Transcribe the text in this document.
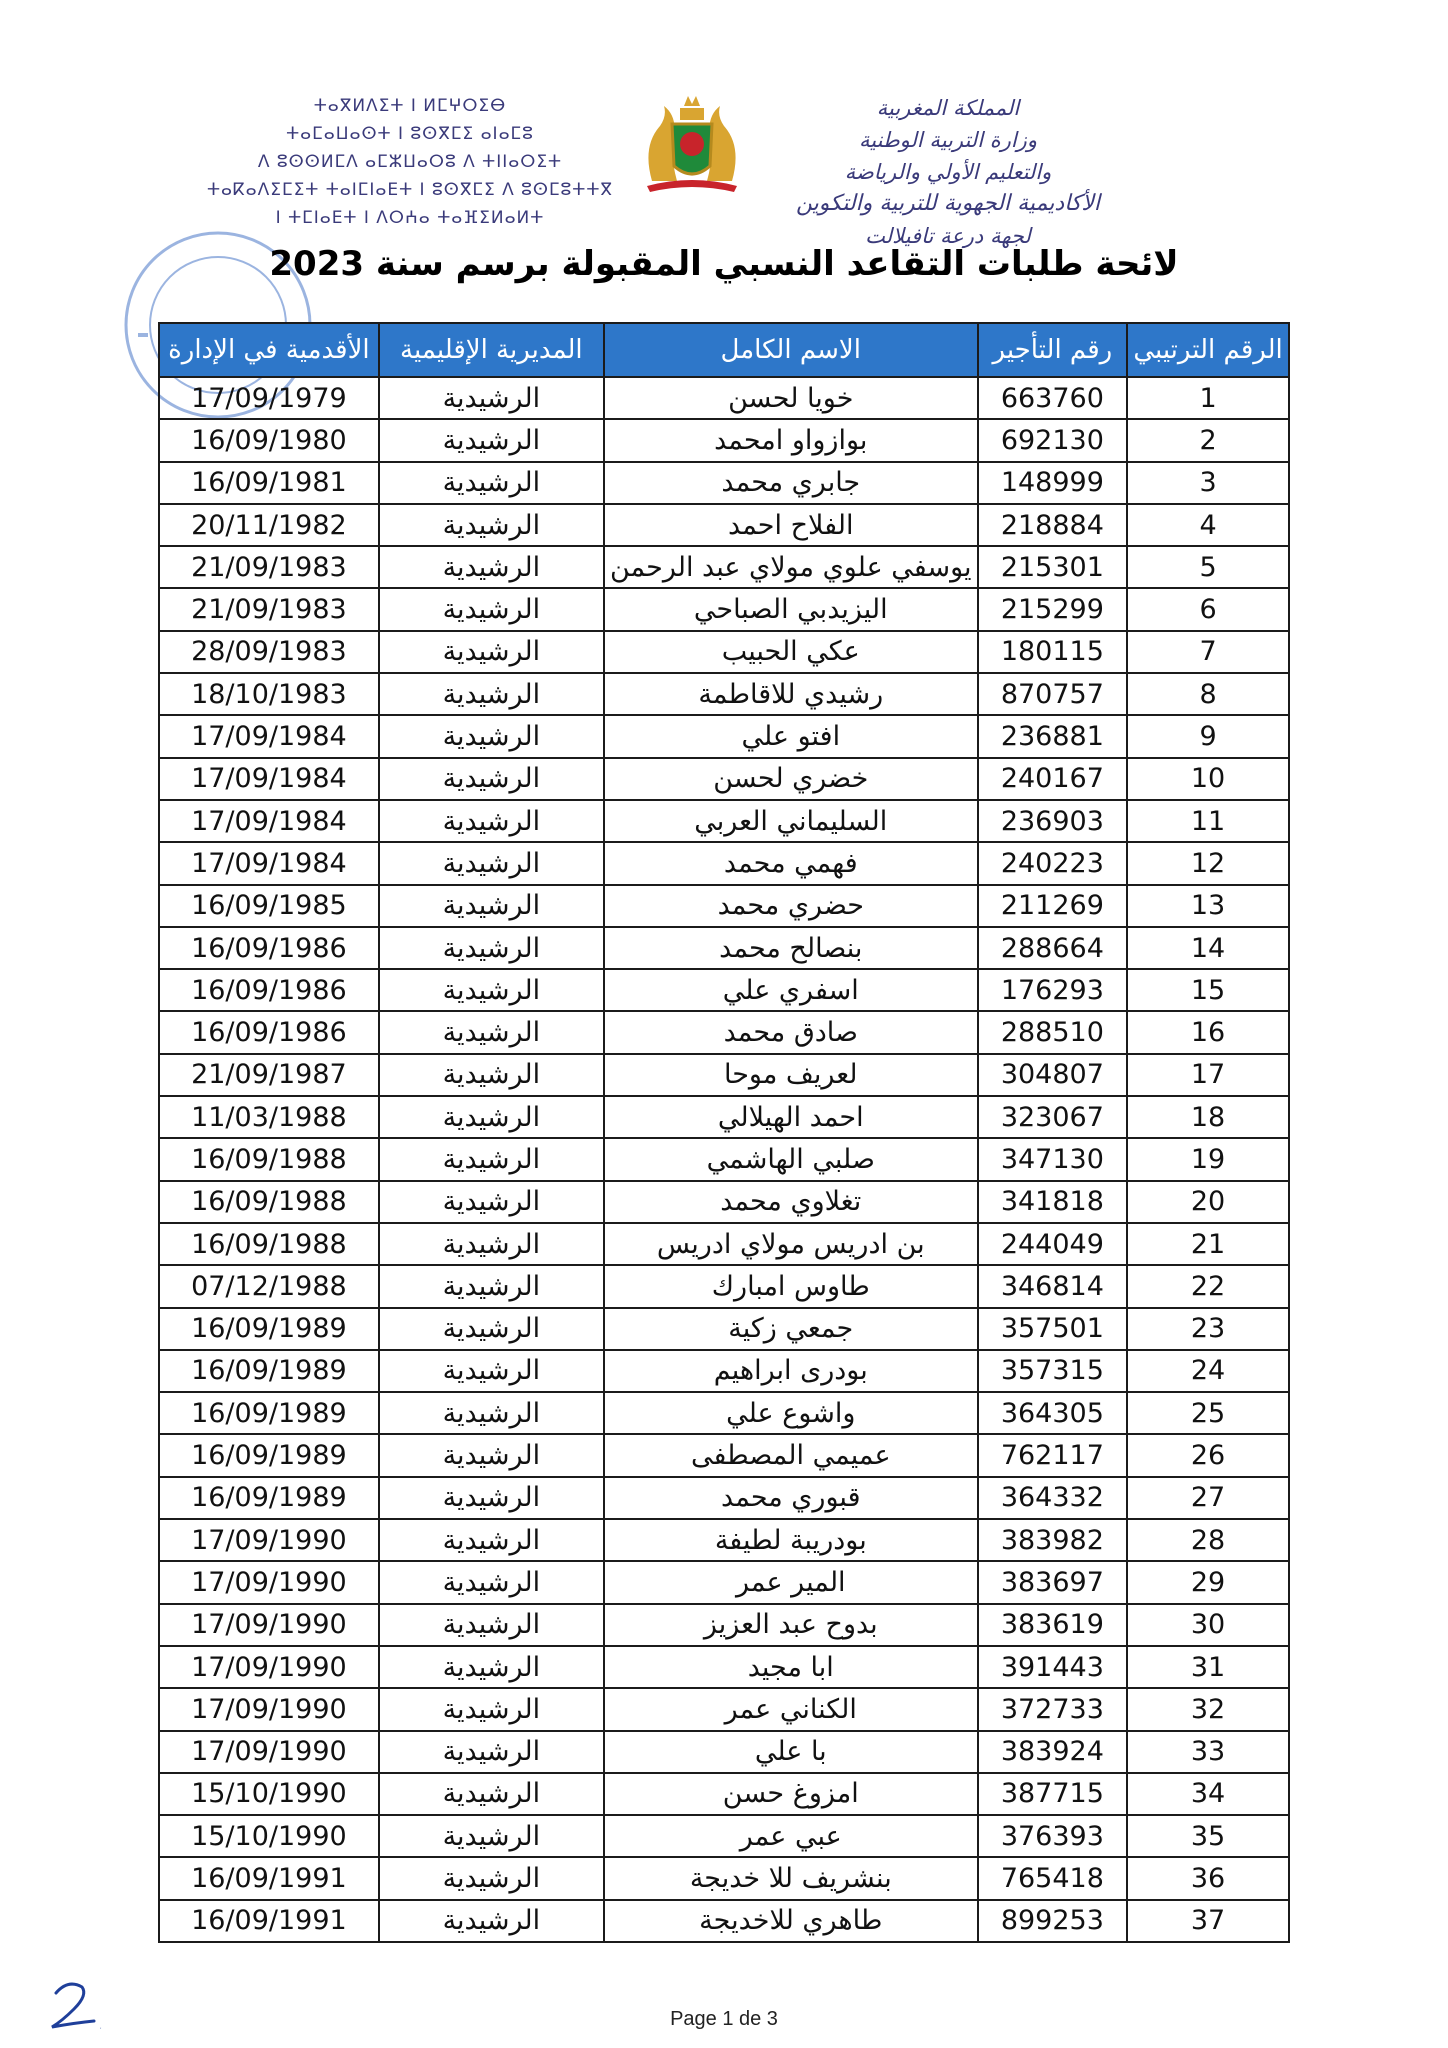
المملكة المغربية
وزارة التربية الوطنية
والتعليم الأولي والرياضة
الأكاديمية الجهوية للتربية والتكوين
لجهة درعة تافيلالت
ⵜⴰⴳⵍⴷⵉⵜ ⵏ ⵍⵎⵖⵔⵉⴱ
ⵜⴰⵎⴰⵡⴰⵙⵜ ⵏ ⵓⵙⴳⵎⵉ ⴰⵏⴰⵎⵓ
ⴷ ⵓⵙⵙⵍⵎⴷ ⴰⵎⵣⵡⴰⵔⵓ ⴷ ⵜⵏⵏⴰⵔⵉⵜ
ⵜⴰⴽⴰⴷⵉⵎⵉⵜ ⵜⴰⵏⵎⵏⴰⴹⵜ ⵏ ⵓⵙⴳⵎⵉ ⴷ ⵓⵙⵎⵓⵜⵜⴳ
ⵏ ⵜⵎⵏⴰⴹⵜ ⵏ ⴷⵔⵄⴰ ⵜⴰⴼⵉⵍⴰⵍⵜ
لائحة طلبات التقاعد النسبي المقبولة برسم سنة 2023
الرقم الترتيبي	رقم التأجير	الاسم الكامل	المديرية الإقليمية	الأقدمية في الإدارة
1	663760	خويا لحسن	الرشيدية	17/09/1979
2	692130	بوازواو امحمد	الرشيدية	16/09/1980
3	148999	جابري محمد	الرشيدية	16/09/1981
4	218884	الفلاح احمد	الرشيدية	20/11/1982
5	215301	يوسفي علوي مولاي عبد الرحمن	الرشيدية	21/09/1983
6	215299	اليزيدبي الصباحي	الرشيدية	21/09/1983
7	180115	عكي الحبيب	الرشيدية	28/09/1983
8	870757	رشيدي للاقاطمة	الرشيدية	18/10/1983
9	236881	افتو علي	الرشيدية	17/09/1984
10	240167	خضري لحسن	الرشيدية	17/09/1984
11	236903	السليماني العربي	الرشيدية	17/09/1984
12	240223	فهمي محمد	الرشيدية	17/09/1984
13	211269	حضري محمد	الرشيدية	16/09/1985
14	288664	بنصالح محمد	الرشيدية	16/09/1986
15	176293	اسفري علي	الرشيدية	16/09/1986
16	288510	صادق محمد	الرشيدية	16/09/1986
17	304807	لعريف موحا	الرشيدية	21/09/1987
18	323067	احمد الهيلالي	الرشيدية	11/03/1988
19	347130	صلبي الهاشمي	الرشيدية	16/09/1988
20	341818	تغلاوي محمد	الرشيدية	16/09/1988
21	244049	بن ادريس مولاي ادريس	الرشيدية	16/09/1988
22	346814	طاوس امبارك	الرشيدية	07/12/1988
23	357501	جمعي زكية	الرشيدية	16/09/1989
24	357315	بودرى ابراهيم	الرشيدية	16/09/1989
25	364305	واشوع علي	الرشيدية	16/09/1989
26	762117	عميمي المصطفى	الرشيدية	16/09/1989
27	364332	قبوري محمد	الرشيدية	16/09/1989
28	383982	بودريبة لطيفة	الرشيدية	17/09/1990
29	383697	المير عمر	الرشيدية	17/09/1990
30	383619	بدوح عبد العزيز	الرشيدية	17/09/1990
31	391443	ابا مجيد	الرشيدية	17/09/1990
32	372733	الكناني عمر	الرشيدية	17/09/1990
33	383924	با علي	الرشيدية	17/09/1990
34	387715	امزوغ حسن	الرشيدية	15/10/1990
35	376393	عبي عمر	الرشيدية	15/10/1990
36	765418	بنشريف للا خديجة	الرشيدية	16/09/1991
37	899253	طاهري للاخديجة	الرشيدية	16/09/1991
2	Page 1 de 3
